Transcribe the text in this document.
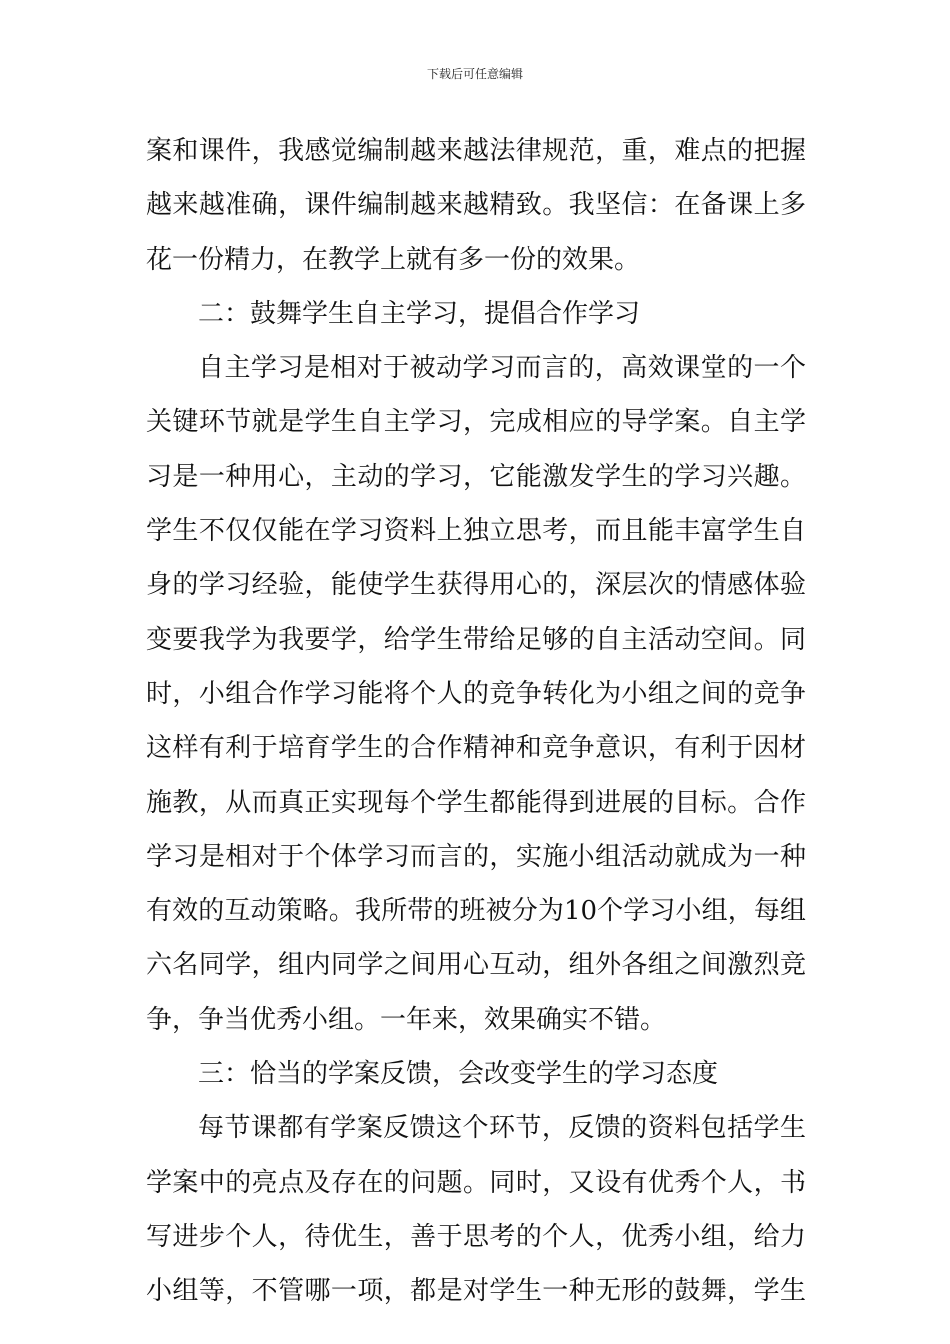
下载后可任意编辑
案和课件，我感觉编制越来越法律规范，重，难点的把握
越来越准确，课件编制越来越精致。我坚信：在备课上多
花一份精力，在教学上就有多一份的效果。
二：鼓舞学生自主学习，提倡合作学习
自主学习是相对于被动学习而言的，高效课堂的一个
关键环节就是学生自主学习，完成相应的导学案。自主学
习是一种用心，主动的学习，它能激发学生的学习兴趣。
学生不仅仅能在学习资料上独立思考，而且能丰富学生自
身的学习经验，能使学生获得用心的，深层次的情感体验
变要我学为我要学，给学生带给足够的自主活动空间。同
时，小组合作学习能将个人的竞争转化为小组之间的竞争
这样有利于培育学生的合作精神和竞争意识，有利于因材
施教，从而真正实现每个学生都能得到进展的目标。合作
学习是相对于个体学习而言的，实施小组活动就成为一种
有效的互动策略。我所带的班被分为10个学习小组，每组
六名同学，组内同学之间用心互动，组外各组之间激烈竞
争，争当优秀小组。一年来，效果确实不错。
三：恰当的学案反馈，会改变学生的学习态度
每节课都有学案反馈这个环节，反馈的资料包括学生
学案中的亮点及存在的问题。同时，又设有优秀个人，书
写进步个人，待优生，善于思考的个人，优秀小组，给力
小组等，不管哪一项，都是对学生一种无形的鼓舞，学生
